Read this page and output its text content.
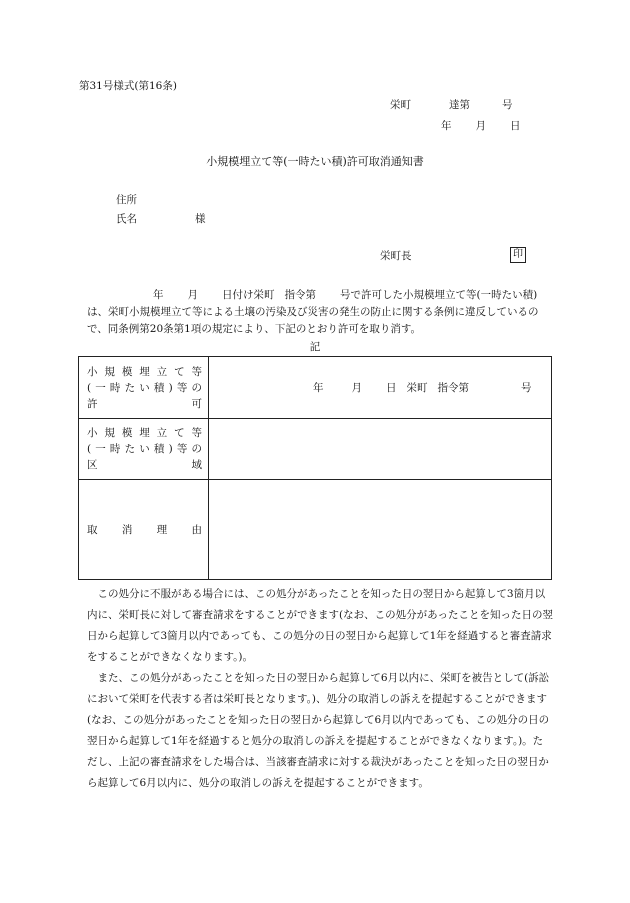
第31号様式(第16条)
栄町	達第	号
年 月 日
小規模埋立て等(一時たい積)許可取消通知書
住所
氏名	様
栄町長	印
年 月 日付け栄町 指令第 号で許可した小規模埋立て等(一時たい積)は、栄町小規模埋立て等による土壌の汚染及び災害の発生の防止に関する条例に違反しているので、同条例第20条第1項の規定により、下記のとおり許可を取り消す。
記
小規模埋立て等
(一時たい積)等の
許　可	年 月 日 栄町 指令第 号

小規模埋立て等
(一時たい積)等の
区　域	

取消理由	

この処分に不服がある場合には、この処分があったことを知った日の翌日から起算して3箇月以内に、栄町長に対して審査請求をすることができます(なお、この処分があったことを知った日の翌日から起算して3箇月以内であっても、この処分の日の翌日から起算して1年を経過すると審査請求をすることができなくなります。)。

また、この処分があったことを知った日の翌日から起算して6月以内に、栄町を被告として(訴訟において栄町を代表する者は栄町長となります。)、処分の取消しの訴えを提起することができます(なお、この処分があったことを知った日の翌日から起算して6月以内であっても、この処分の日の翌日から起算して1年を経過すると処分の取消しの訴えを提起することができなくなります。)。ただし、上記の審査請求をした場合は、当該審査請求に対する裁決があったことを知った日の翌日から起算して6月以内に、処分の取消しの訴えを提起することができます。
